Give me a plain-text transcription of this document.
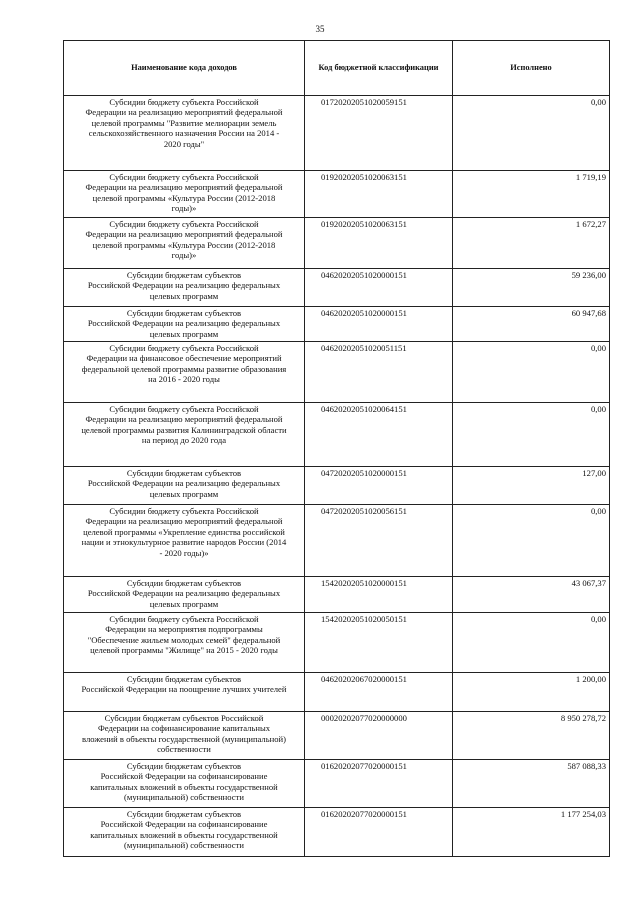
35
Наименование кода доходов	Код бюджетной классификации	Исполнено
Субсидии бюджету субъекта Российской
Федерации на реализацию мероприятий федеральной
целевой программы "Развитие мелиорации земель
сельскохозяйственного назначения России на 2014 -
2020 годы"	01720202051020059151	0,00
Субсидии бюджету субъекта Российской
Федерации на реализацию мероприятий федеральной
целевой программы «Культура России (2012-2018
годы)»	01920202051020063151	1 719,19
Субсидии бюджету субъекта Российской
Федерации на реализацию мероприятий федеральной
целевой программы «Культура России (2012-2018
годы)»	01920202051020063151	1 672,27
Субсидии бюджетам субъектов
Российской Федерации на реализацию федеральных
целевых программ	04620202051020000151	59 236,00
Субсидии бюджетам субъектов
Российской Федерации на реализацию федеральных
целевых программ	04620202051020000151	60 947,68
Субсидии бюджету субъекта Российской
Федерации на финансовое обеспечение мероприятий
федеральной целевой программы развитие образования
на 2016 - 2020 годы	04620202051020051151	0,00
Субсидии бюджету субъекта Российской
Федерации на реализацию мероприятий федеральной
целевой программы развития Калининградской области
на период до 2020 года	04620202051020064151	0,00
Субсидии бюджетам субъектов
Российской Федерации на реализацию федеральных
целевых программ	04720202051020000151	127,00
Субсидии бюджету субъекта Российской
Федерации на реализацию мероприятий федеральной
целевой программы «Укрепление единства российской
нации и этнокультурное развитие народов России (2014
- 2020 годы)»	04720202051020056151	0,00
Субсидии бюджетам субъектов
Российской Федерации на реализацию федеральных
целевых программ	15420202051020000151	43 067,37
Субсидии бюджету субъекта Российской
Федерации на мероприятия подпрограммы
"Обеспечение жильем молодых семей" федеральной
целевой программы "Жилище" на 2015 - 2020 годы	15420202051020050151	0,00
Субсидии бюджетам субъектов
Российской Федерации на поощрение лучших учителей	04620202067020000151	1 200,00
Субсидии бюджетам субъектов Российской
Федерации на софинансирование капитальных
вложений в объекты государственной (муниципальной)
собственности	00020202077020000000	8 950 278,72
Субсидии бюджетам субъектов
Российской Федерации на софинансирование
капитальных вложений в объекты государственной
(муниципальной) собственности	01620202077020000151	587 088,33
Субсидии бюджетам субъектов
Российской Федерации на софинансирование
капитальных вложений в объекты государственной
(муниципальной) собственности	01620202077020000151	1 177 254,03
